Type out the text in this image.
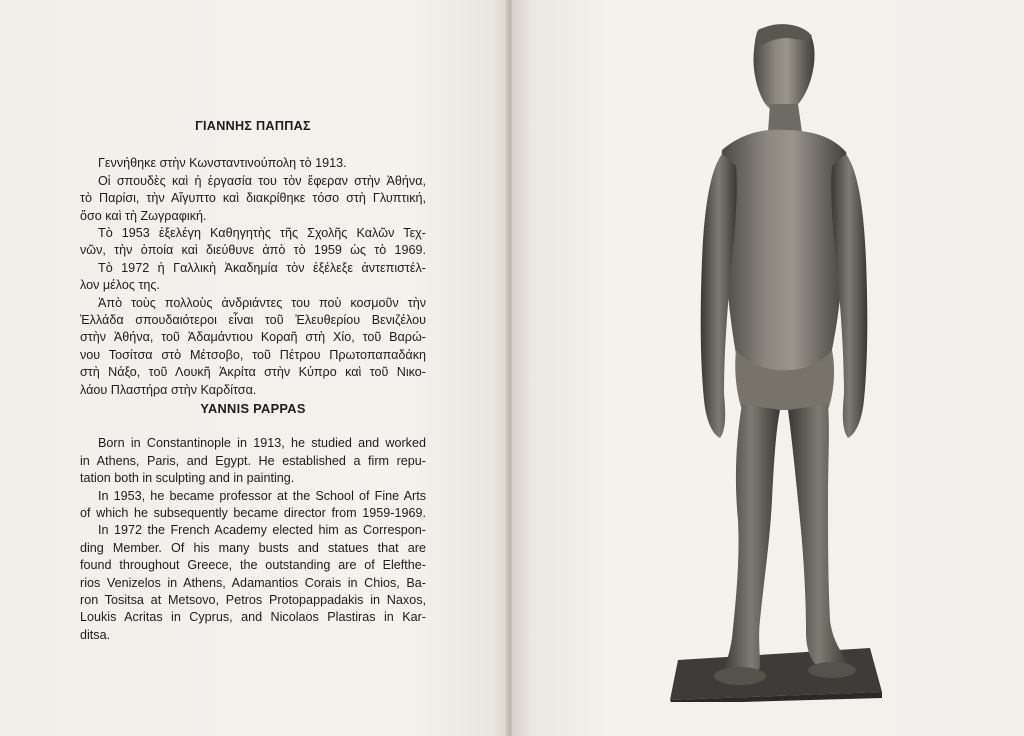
ΓΙΑΝΝΗΣ ΠΑΠΠΑΣ
Γεννήθηκε στὴν Κωνσταντινούπολη τὸ 1913.
Οἱ σπουδὲς καὶ ἡ ἐργασία του τὸν ἔφεραν στὴν Ἀθήνα,
τὸ Παρίσι, τὴν Αἴγυπτο καὶ διακρίθηκε τόσο στὴ Γλυπτική,
ὅσο καὶ τὴ Ζωγραφική.
Τὸ 1953 ἐξελέγη Καθηγητὴς τῆς Σχολῆς Καλῶν Τεχ-
νῶν, τὴν ὁποία καὶ διεύθυνε ἀπὸ τὸ 1959 ὡς τὸ 1969.
Τὸ 1972 ἡ Γαλλικὴ Ἀκαδημία τὸν ἐξέλεξε ἀντεπιστέλ-
λον μέλος της.
Ἀπὸ τοὺς πολλοὺς ἀνδριάντες του ποὺ κοσμοῦν τὴν
Ἑλλάδα σπουδαιότεροι εἶναι τοῦ Ἐλευθερίου Βενιζέλου
στὴν Ἀθήνα, τοῦ Ἀδαμάντιου Κοραῆ στὴ Χίο, τοῦ Βαρώ-
νου Τοσίτσα στὸ Μέτσοβο, τοῦ Πέτρου Πρωτοπαπαδάκη
στὴ Νάξο, τοῦ Λουκῆ Ἀκρίτα στὴν Κύπρο καὶ τοῦ Νικο-
λάου Πλαστήρα στὴν Καρδίτσα.
YANNIS PAPPAS
Born in Constantinople in 1913, he studied and worked
in Athens, Paris, and Egypt. He established a firm repu-
tation both in sculpting and in painting.
In 1953, he became professor at the School of Fine Arts
of which he subsequently became director from 1959-1969.
In 1972 the French Academy elected him as Correspon-
ding Member. Of his many busts and statues that are
found throughout Greece, the outstanding are of Elefthe-
rios Venizelos in Athens, Adamantios Corais in Chios, Ba-
ron Tositsa at Metsovo, Petros Protopappadakis in Naxos,
Loukis Acritas in Cyprus, and Nicolaos Plastiras in Kar-
ditsa.
